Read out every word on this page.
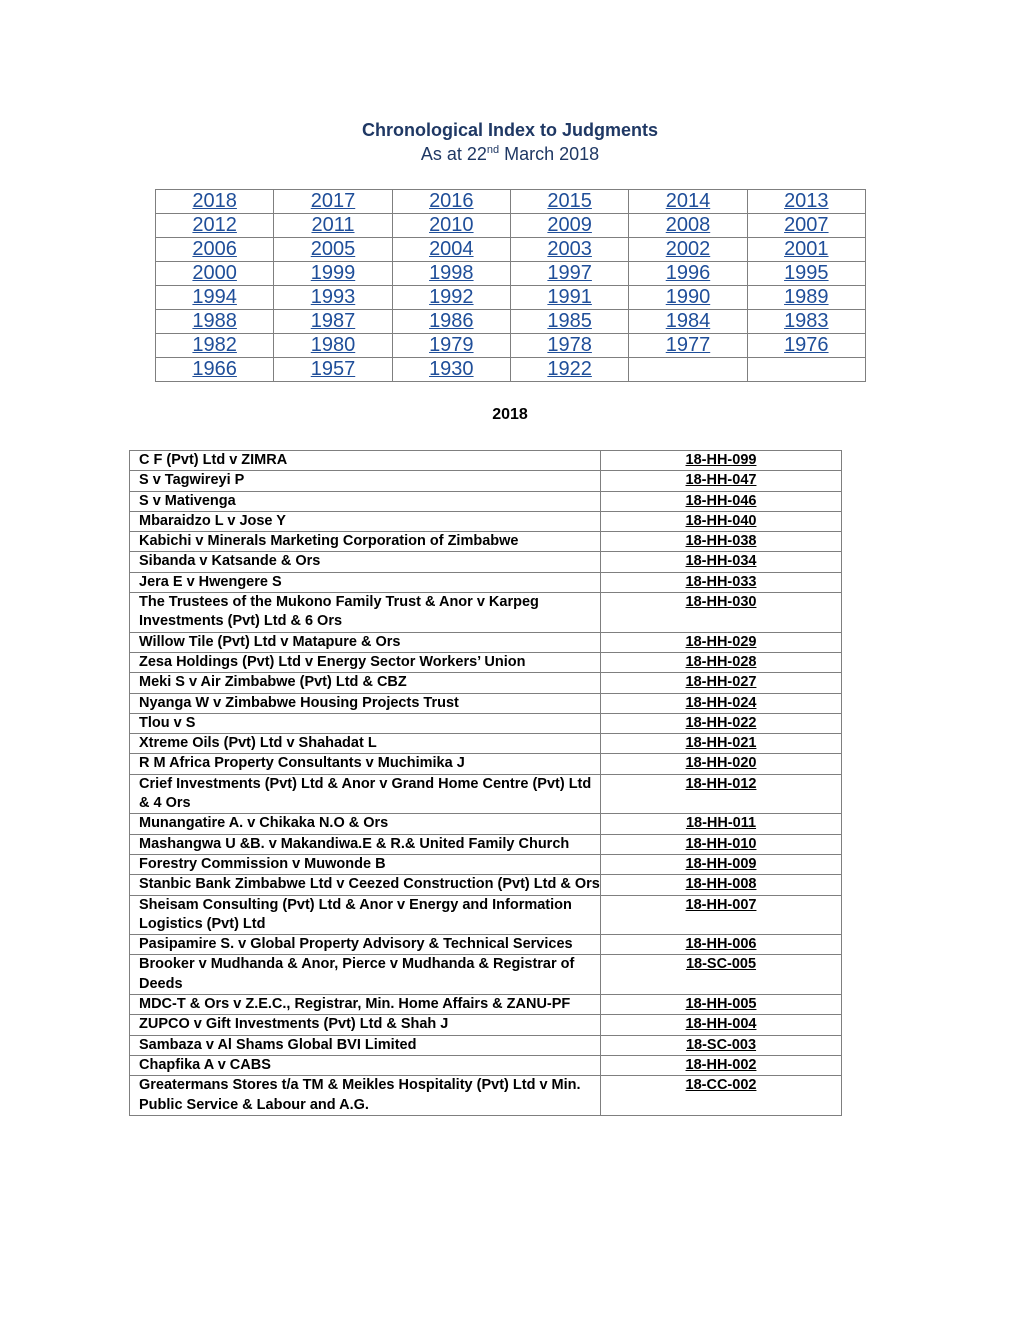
Chronological Index to Judgments
As at 22nd March 2018
2018	2017	2016	2015	2014	2013
2012	2011	2010	2009	2008	2007
2006	2005	2004	2003	2002	2001
2000	1999	1998	1997	1996	1995
1994	1993	1992	1991	1990	1989
1988	1987	1986	1985	1984	1983
1982	1980	1979	1978	1977	1976
1966	1957	1930	1922		
2018
C F (Pvt) Ltd v ZIMRA	18-HH-099
S v Tagwireyi P	18-HH-047
S v Mativenga	18-HH-046
Mbaraidzo L v Jose Y	18-HH-040
Kabichi v Minerals Marketing Corporation of Zimbabwe	18-HH-038
Sibanda v Katsande & Ors	18-HH-034
Jera E v Hwengere S	18-HH-033
The Trustees of the Mukono Family Trust & Anor v Karpeg Investments (Pvt) Ltd & 6 Ors	18-HH-030
Willow Tile (Pvt) Ltd v Matapure & Ors	18-HH-029
Zesa Holdings (Pvt) Ltd v Energy Sector Workers’ Union	18-HH-028
Meki S v Air Zimbabwe (Pvt) Ltd & CBZ	18-HH-027
Nyanga W v Zimbabwe Housing Projects Trust	18-HH-024
Tlou v S	18-HH-022
Xtreme Oils (Pvt) Ltd v Shahadat L	18-HH-021
R M Africa Property Consultants v Muchimika J	18-HH-020
Crief Investments (Pvt) Ltd & Anor v Grand Home Centre (Pvt) Ltd & 4 Ors	18-HH-012
Munangatire A. v Chikaka N.O & Ors	18-HH-011
Mashangwa U &B. v Makandiwa.E & R.& United Family Church	18-HH-010
Forestry Commission v Muwonde B	18-HH-009
Stanbic Bank Zimbabwe Ltd v Ceezed Construction (Pvt) Ltd & Ors	18-HH-008
Sheisam Consulting (Pvt) Ltd & Anor v Energy and Information Logistics (Pvt) Ltd	18-HH-007
Pasipamire S. v Global Property Advisory & Technical Services	18-HH-006
Brooker v Mudhanda & Anor, Pierce v Mudhanda & Registrar of Deeds	18-SC-005
MDC-T & Ors v Z.E.C., Registrar, Min. Home Affairs & ZANU-PF	18-HH-005
ZUPCO v Gift Investments (Pvt) Ltd & Shah J	18-HH-004
Sambaza v Al Shams Global BVI Limited	18-SC-003
Chapfika A v CABS	18-HH-002
Greatermans Stores t/a TM & Meikles Hospitality (Pvt) Ltd v Min. Public Service & Labour and A.G.	18-CC-002
